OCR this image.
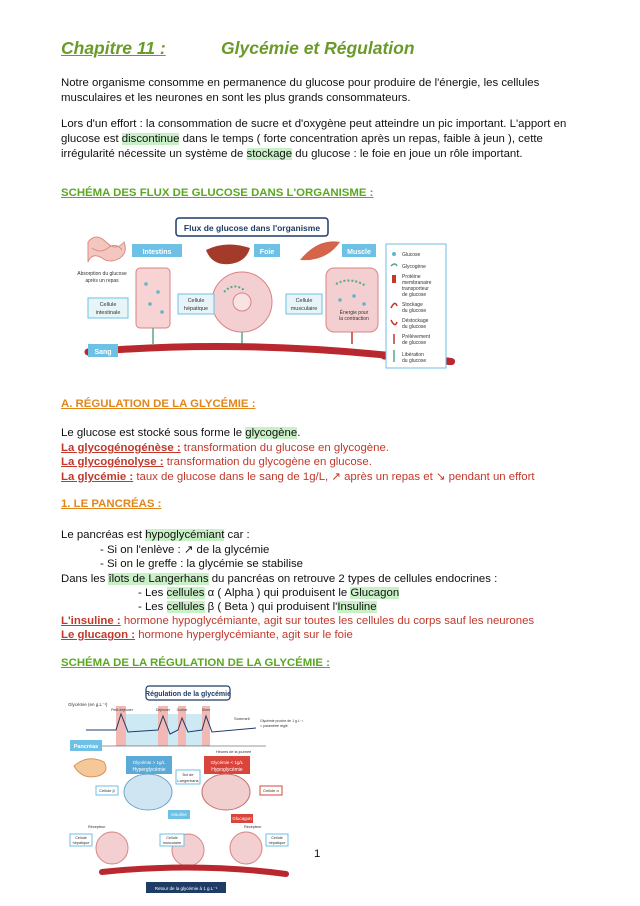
Chapitre 11 :	Glycémie et Régulation
Notre organisme consomme en permanence du glucose pour produire de l'énergie, les cellules musculaires et les neurones en sont les plus grands consommateurs.
Lors d'un effort : la consommation de sucre et d'oxygène peut atteindre un pic important. L'apport en glucose est discontinue dans le temps ( forte concentration après un repas, faible à jeun ), cette irrégularité nécessite un système de stockage du glucose : le foie en joue un rôle important.
SCHÉMA DES FLUX DE GLUCOSE DANS L'ORGANISME :
Flux de glucose dans l'organisme
Intestins	Foie	Muscle
Absorption du glucose
après un repas
Cellule
intestinale
Cellule
hépatique
Énergie pour
la contraction
Cellule
musculaire
Sang
Glucose
Glycogène
Protéine
membranaire
transporteur
de glucose
Stockage
du glucose
Déstockage
du glucose
Prélèvement
de glucose
Libération
du glucose
A. RÉGULATION DE LA GLYCÉMIE :
Le glucose est stocké sous forme le glycogène.
La glycogénogénèse : transformation du glucose en glycogène.
La glycogénolyse : transformation du glycogène en glucose.
La glycémie : taux de glucose dans le sang de 1g/L, ↗ après un repas et ↘ pendant un effort
1. LE PANCRÉAS :
Le pancréas est hypoglycémiant car :
- Si on l'enlève : ↗ de la glycémie
- Si on le greffe : la glycémie se stabilise
Dans les îlots de Langerhans du pancréas on retrouve 2 types de cellules endocrines :
- Les cellules α ( Alpha ) qui produisent le Glucagon
- Les cellules β ( Beta ) qui produisent l'Insuline
L'insuline : hormone hypoglycémiante, agit sur toutes les cellules du corps sauf les neurones
Le glucagon : hormone hyperglycémiante, agit sur le foie
SCHÉMA DE LA RÉGULATION DE LA GLYCÉMIE :
Régulation de la glycémie
Glycémie (en g.L⁻¹)
Petit-déjeuner	Déjeuner Goûter	Dîner
Sommeil	Glycémie proche de 1 g.L⁻¹
= paramètre réglé
Heures de la journée
Pancréas
Glycémie > 1g/L
Hyperglycémie
Glycémie < 1g/L
Hypoglycémie
Îlot de
Langerhans
Cellule β	Cellule α
Insuline
Glucagon
Récepteur	Récepteur
Cellule
hépatique
Cellule
musculaire
Cellule
hépatique
Retour de la glycémie à 1 g.L⁻¹
1
